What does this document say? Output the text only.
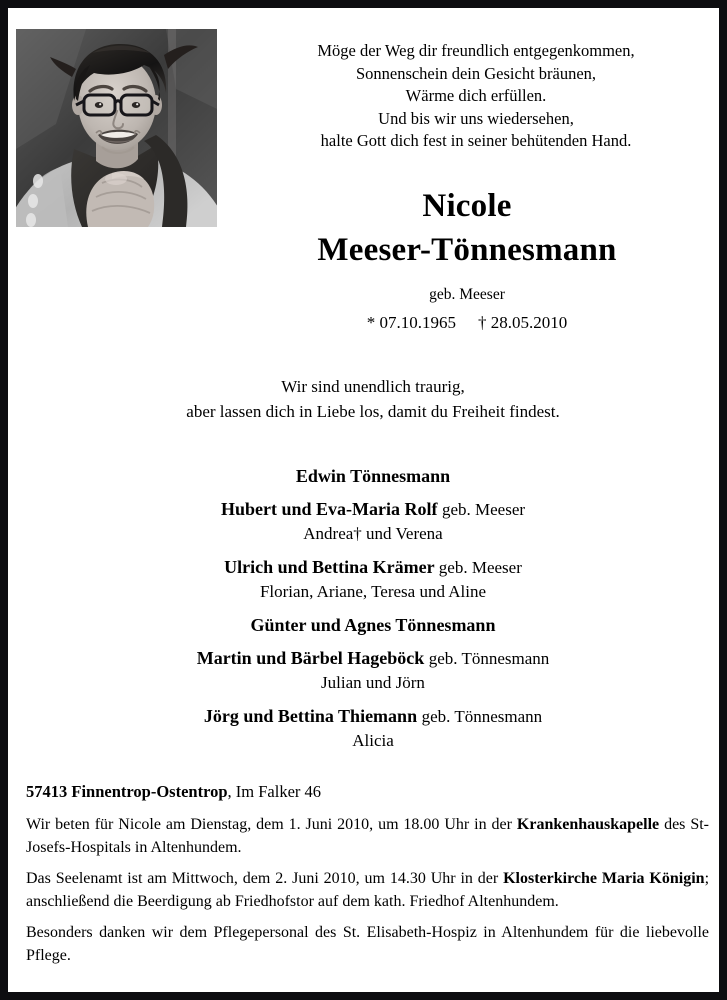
Möge der Weg dir freundlich entgegenkommen,
Sonnenschein dein Gesicht bräunen,
Wärme dich erfüllen.
Und bis wir uns wiedersehen,
halte Gott dich fest in seiner behütenden Hand.
Nicole
Meeser-Tönnesmann
geb. Meeser
* 07.10.1965 † 28.05.2010
Wir sind unendlich traurig,
aber lassen dich in Liebe los, damit du Freiheit findest.
Edwin Tönnesmann
Hubert und Eva-Maria Rolf geb. Meeser
Andrea† und Verena
Ulrich und Bettina Krämer geb. Meeser
Florian, Ariane, Teresa und Aline
Günter und Agnes Tönnesmann
Martin und Bärbel Hageböck geb. Tönnesmann
Julian und Jörn
Jörg und Bettina Thiemann geb. Tönnesmann
Alicia
57413 Finnentrop-Ostentrop, Im Falker 46
Wir beten für Nicole am Dienstag, dem 1. Juni 2010, um 18.00 Uhr in der Krankenhauskapelle des St-Josefs-Hospitals in Altenhundem.
Das Seelenamt ist am Mittwoch, dem 2. Juni 2010, um 14.30 Uhr in der Klosterkirche Maria Königin; anschließend die Beerdigung ab Friedhofstor auf dem kath. Friedhof Altenhundem.
Besonders danken wir dem Pflegepersonal des St. Elisabeth-Hospiz in Altenhundem für die liebevolle Pflege.
